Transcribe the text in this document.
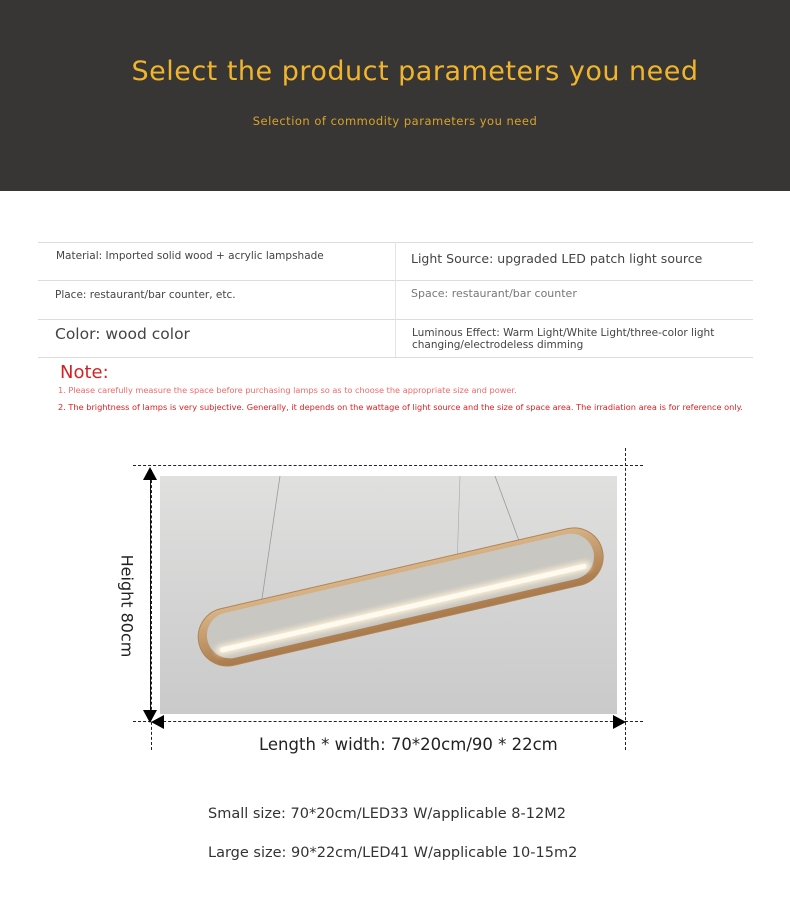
Select the product parameters you need
Selection of commodity parameters you need
Material: Imported solid wood + acrylic lampshade	Light Source: upgraded LED patch light source
Place: restaurant/bar counter, etc.	Space: restaurant/bar counter
Color: wood color	Luminous Effect: Warm Light/White Light/three-color light
changing/electrodeless dimming
Note:
1. Please carefully measure the space before purchasing lamps so as to choose the appropriate size and power.
2. The brightness of lamps is very subjective. Generally, it depends on the wattage of light source and the size of space area. The irradiation area is for reference only.
Height 80cm
Length * width: 70*20cm/90 * 22cm
Small size: 70*20cm/LED33 W/applicable 8-12M2
Large size: 90*22cm/LED41 W/applicable 10-15m2
